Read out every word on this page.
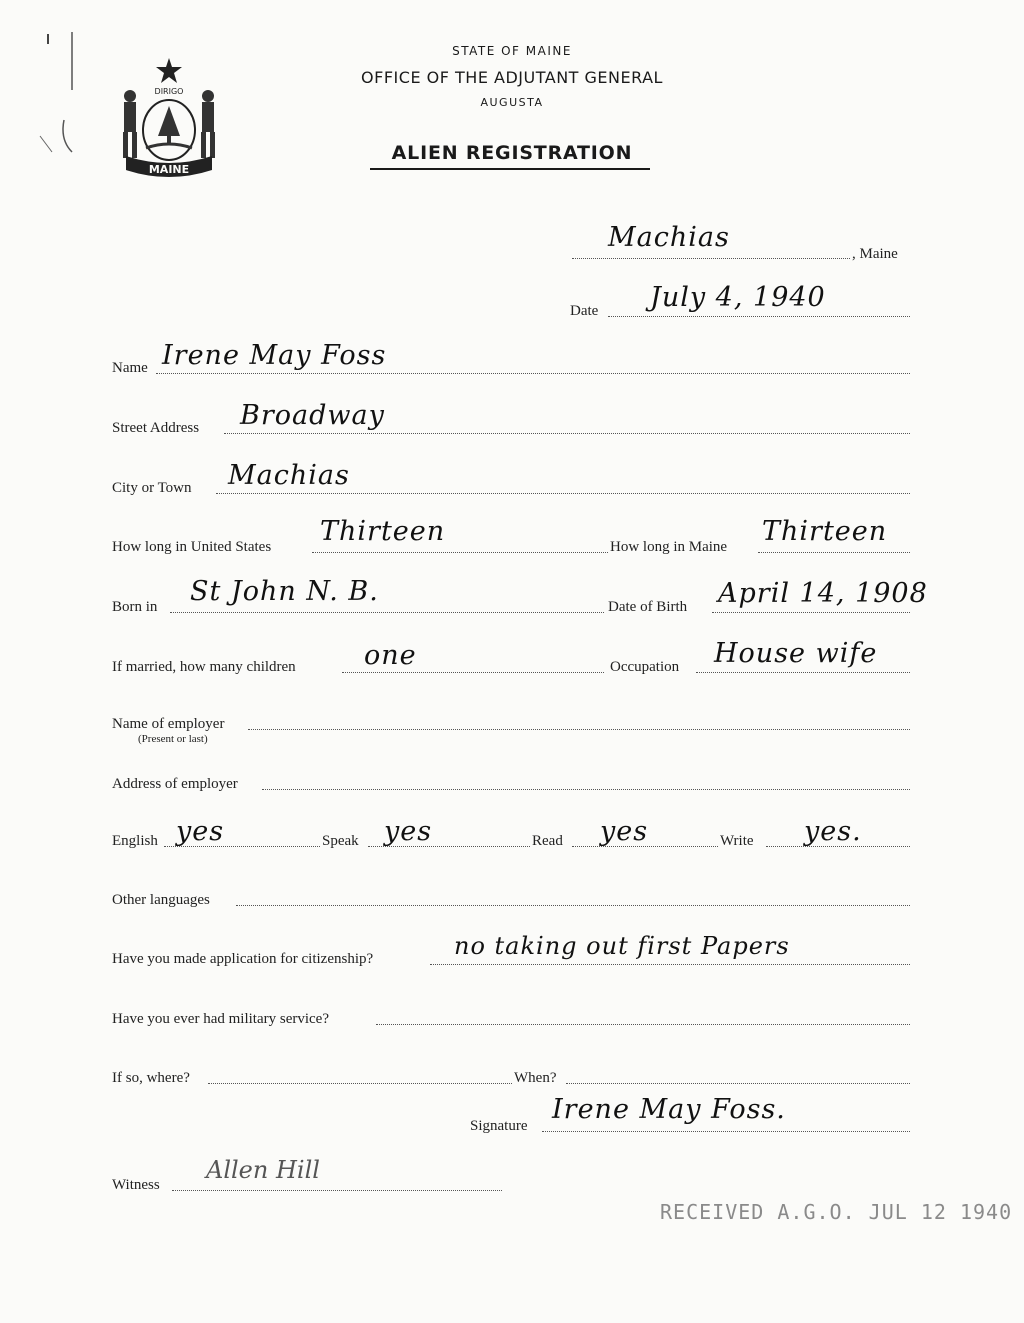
DIRIGO
MAINE
STATE OF MAINE
OFFICE OF THE ADJUTANT GENERAL
AUGUSTA
ALIEN REGISTRATION
Machias
, Maine
Date July 4, 1940
Name Irene May Foss
Street Address Broadway
City or Town Machias
How long in United States Thirteen	How long in Maine Thirteen
Born in St John N. B.	Date of Birth April 14, 1908
If married, how many children	one	Occupation House wife
Name of employer
(Present or last)
Address of employer
English yes	Speak yes	Read yes	Write yes.
Other languages
Have you made application for citizenship?	no taking out first Papers
Have you ever had military service?
If so, where?	When?
Signature
Irene May Foss.
Witness
Allen Hill
RECEIVED A.G.O. JUL 12 1940
